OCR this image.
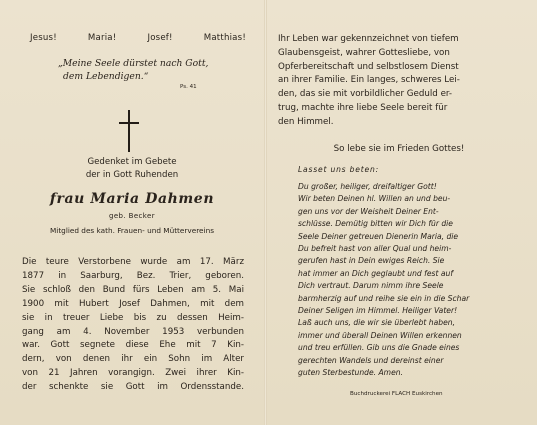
Jesus!	Maria!	Josef!	Matthias!
„Meine Seele dürstet nach Gott,
dem Lebendigen.“
Ps. 41
Gedenket im Gebete
der in Gott Ruhenden
frau Maria Dahmen
geb. Becker
Mitglied des kath. Frauen- und Müttervereins
Die teure Verstorbene wurde am 17. März
1877 in Saarburg, Bez. Trier, geboren.
Sie schloß den Bund fürs Leben am 5. Mai
1900 mit Hubert Josef Dahmen, mit dem
sie in treuer Liebe bis zu dessen Heim-
gang am 4. November 1953 verbunden
war. Gott segnete diese Ehe mit 7 Kin-
dern, von denen ihr ein Sohn im Alter
von 21 Jahren vorangign. Zwei ihrer Kin-
der schenkte sie Gott im Ordensstande.
Ihr Leben war gekennzeichnet von tiefem
Glaubensgeist, wahrer Gottesliebe, von
Opferbereitschaft und selbstlosem Dienst
an ihrer Familie. Ein langes, schweres Lei-
den, das sie mit vorbildlicher Geduld er-
trug, machte ihre liebe Seele bereit für
den Himmel.
So lebe sie im Frieden Gottes!
Lasset uns beten:
Du großer, heiliger, dreifaltiger Gott!
Wir beten Deinen hl. Willen an und beu-
gen uns vor der Weisheit Deiner Ent-
schlüsse. Demütig bitten wir Dich für die
Seele Deiner getreuen Dienerin Maria, die
Du befreit hast von aller Qual und heim-
gerufen hast in Dein ewiges Reich. Sie
hat immer an Dich geglaubt und fest auf
Dich vertraut. Darum nimm ihre Seele
barmherzig auf und reihe sie ein in die Schar
Deiner Seligen im Himmel. Heiliger Vater!
Laß auch uns, die wir sie überlebt haben,
immer und überall Deinen Willen erkennen
und treu erfüllen. Gib uns die Gnade eines
gerechten Wandels und dereinst einer
guten Sterbestunde. Amen.
Buchdruckerei FLACH Euskirchen
